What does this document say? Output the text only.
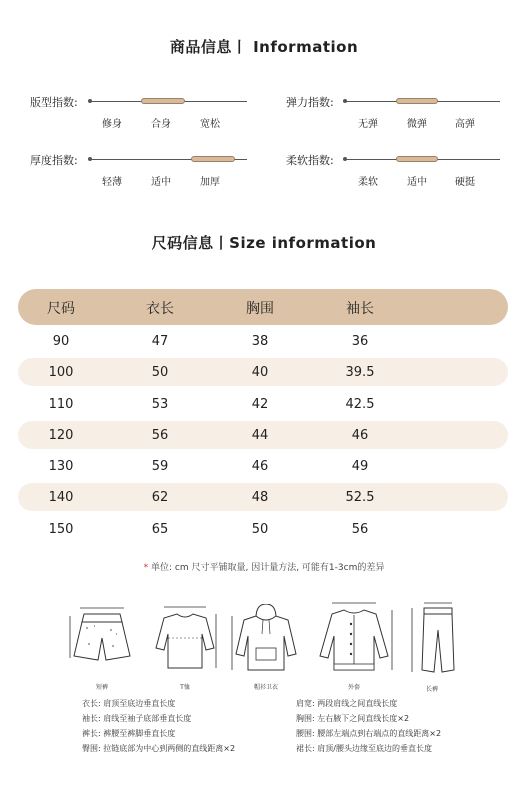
商品信息丨 Information
版型指数:
修身	合身	宽松
弹力指数:
无弹	微弹	高弹
厚度指数:
轻薄	适中	加厚
柔软指数:
柔软	适中	硬挺
尺码信息丨Size information
尺码	衣长	胸围	袖长
90	47	38	36
100	50	40	39.5
110	53	42	42.5
120	56	44	46
130	59	46	49
140	62	48	52.5
150	65	50	56
* 单位: cm 尺寸平铺取量, 因计量方法, 可能有1-3cm的差异
短裤	T恤	帽衫卫衣	外套	长裤
衣长: 肩顶至底边垂直长度
袖长: 肩线至袖子底部垂直长度
裤长: 裤腰至裤脚垂直长度
臀围: 拉链底部为中心到两侧的直线距离×2
肩宽: 两段肩线之间直线长度
胸围: 左右腋下之间直线长度×2
腰围: 腰部左端点到右端点的直线距离×2
裙长: 肩顶/腰头边缘至底边的垂直长度
